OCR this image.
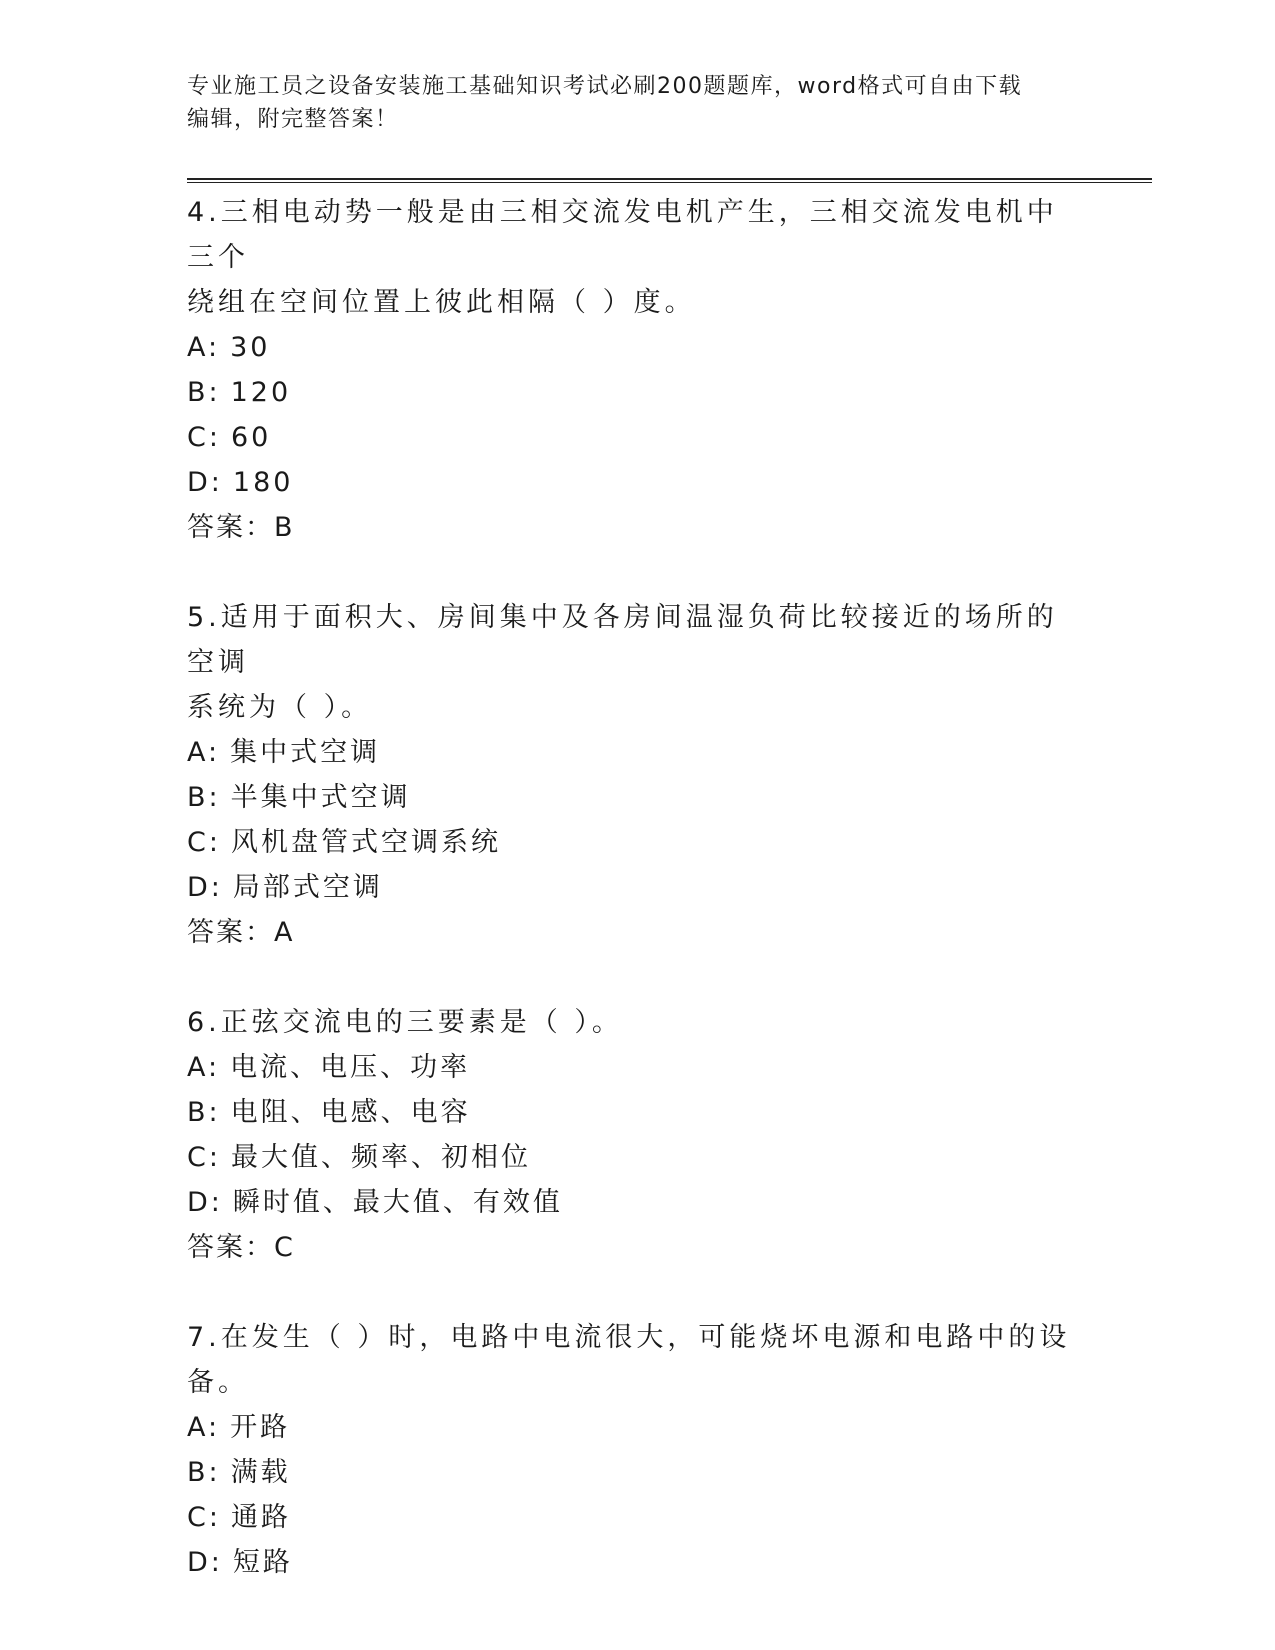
专业施工员之设备安装施工基础知识考试必刷200题题库，word格式可自由下载
编辑，附完整答案！
4.三相电动势一般是由三相交流发电机产生，三相交流发电机中三个
绕组在空间位置上彼此相隔（ ）度。
A: 30
B: 120
C: 60
D: 180
答案：B
5.适用于面积大、房间集中及各房间温湿负荷比较接近的场所的空调
系统为（ ）。
A: 集中式空调
B: 半集中式空调
C: 风机盘管式空调系统
D: 局部式空调
答案：A
6.正弦交流电的三要素是（ ）。
A: 电流、电压、功率
B: 电阻、电感、电容
C: 最大值、频率、初相位
D: 瞬时值、最大值、有效值
答案：C
7.在发生（ ）时，电路中电流很大，可能烧坏电源和电路中的设备。
A: 开路
B: 满载
C: 通路
D: 短路
